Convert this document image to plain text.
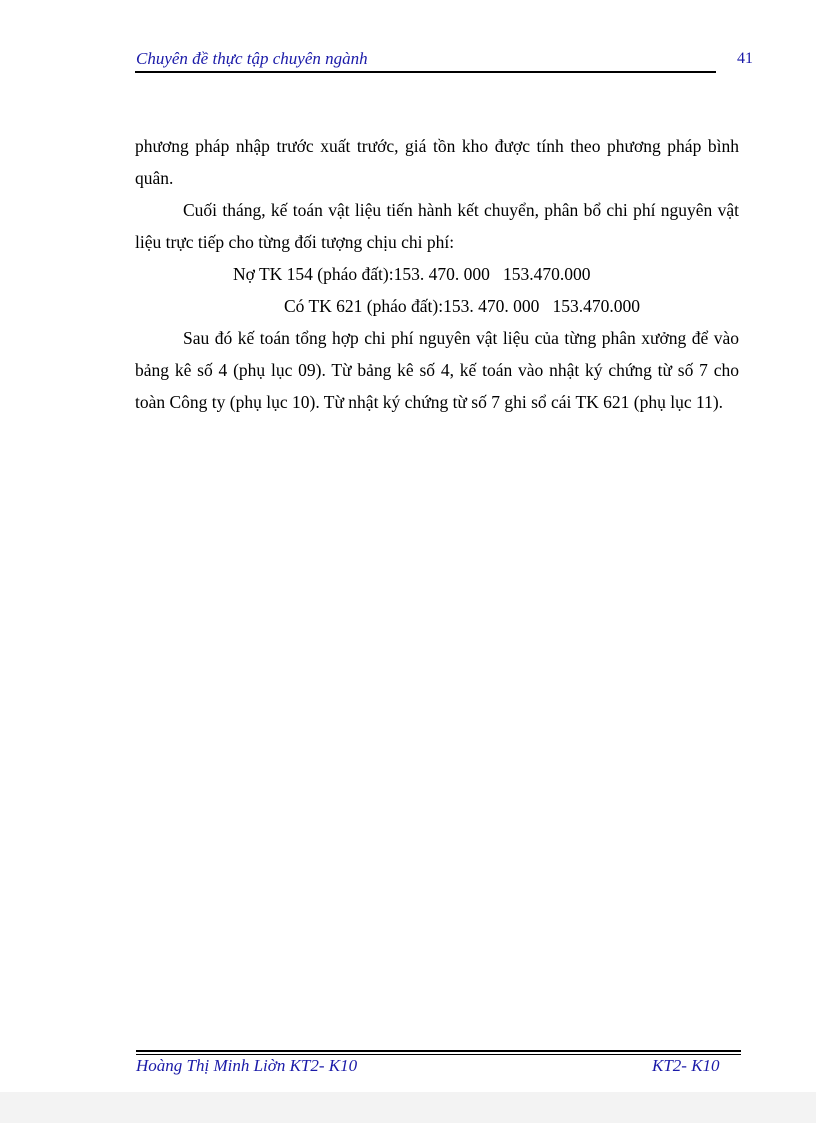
Chuyên đề thực tập chuyên ngành	41

phương pháp nhập trước xuất trước, giá tồn kho được tính theo phương pháp bình quân.

Cuối tháng, kế toán vật liệu tiến hành kết chuyển, phân bổ chi phí nguyên vật liệu trực tiếp cho từng đối tượng chịu chi phí:

Nợ TK 154 (pháo đất):153. 470. 000   153.470.000
Có TK 621 (pháo đất):153. 470. 000   153.470.000

Sau đó kế toán tổng hợp chi phí nguyên vật liệu của từng phân xưởng để vào bảng kê số 4 (phụ lục 09). Từ bảng kê số 4, kế toán vào nhật ký chứng từ số 7 cho toàn Công ty (phụ lục 10). Từ nhật ký chứng từ số 7 ghi sổ cái TK 621 (phụ lục 11).

Hoàng Thị Minh Liờn KT2- K10	KT2- K10
